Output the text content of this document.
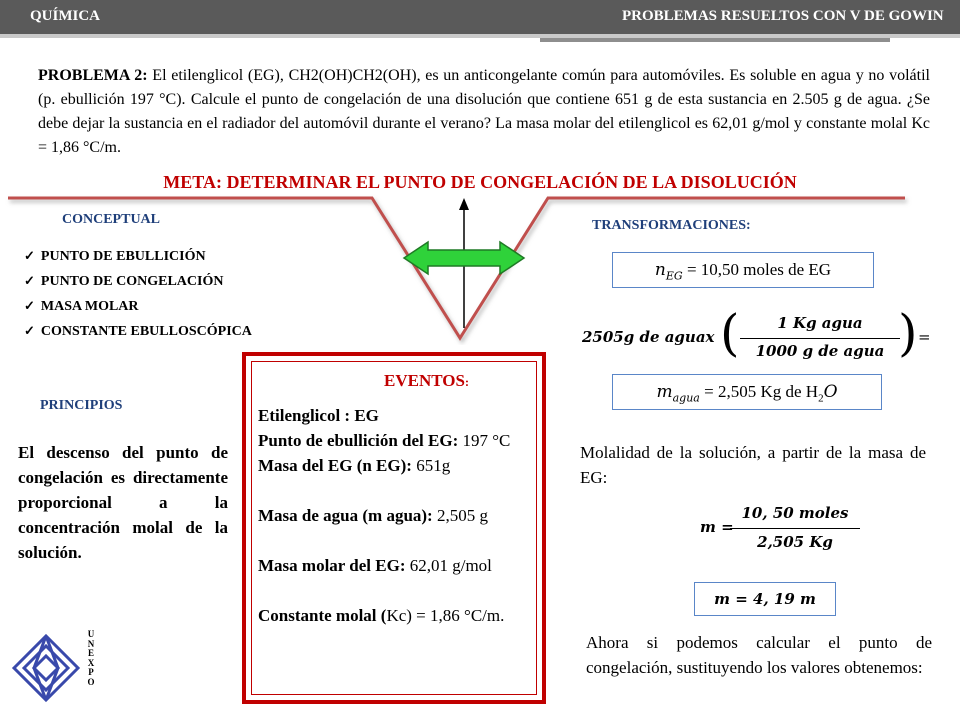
QUÍMICA	PROBLEMAS RESUELTOS CON V DE GOWIN
PROBLEMA 2: El etilenglicol (EG), CH2(OH)CH2(OH), es un anticongelante común para automóviles. Es soluble en agua y no volátil (p. ebullición 197 °C). Calcule el punto de congelación de una disolución que contiene 651 g de esta sustancia en 2.505 g de agua. ¿Se debe dejar la sustancia en el radiador del automóvil durante el verano? La masa molar del etilenglicol es 62,01 g/mol y constante molal Kc = 1,86 °C/m.
META: DETERMINAR EL PUNTO DE CONGELACIÓN DE LA DISOLUCIÓN
CONCEPTUAL
✓ PUNTO DE EBULLICIÓN
✓ PUNTO DE CONGELACIÓN
✓ MASA MOLAR
✓ CONSTANTE EBULLOSCÓPICA
PRINCIPIOS
El descenso del punto de congelación es directamente proporcional a la concentración molal de la solución.
EVENTOS:
Etilenglicol : EG
Punto de ebullición del EG: 197 °C
Masa del EG (n EG): 651g
Masa de agua (m agua): 2,505 g
Masa molar del EG: 62,01 g/mol
Constante molal (Kc) = 1,86 °C/m.
TRANSFORMACIONES:
$n_{EG} = 10,50$ moles de EG
2505g de aguax (	1 Kg agua
1000 g de agua ) =
$m_{agua} = 2,505$ Kg de $H_2O$
Molalidad de la solución, a partir de la masa de EG:
m =
10, 50 moles
2,505 Kg
m = 4, 19 m
Ahora si podemos calcular el punto de congelación, sustituyendo los valores obtenemos:
UNEXPO
